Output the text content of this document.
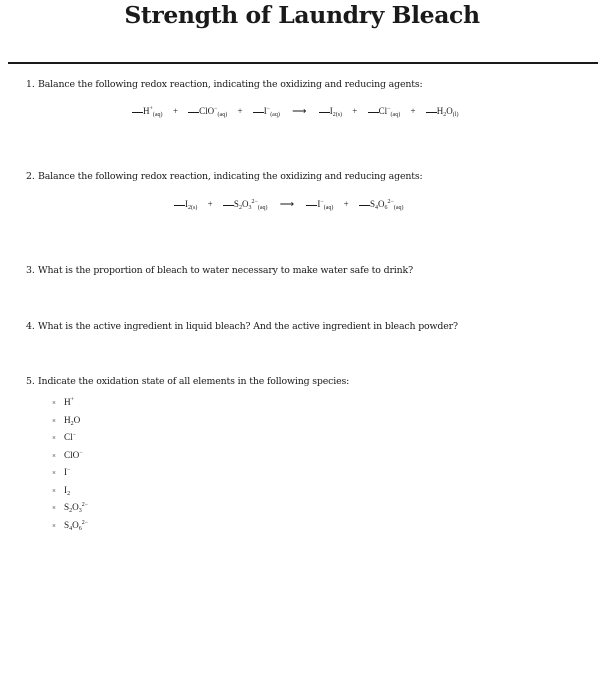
Strength of Laundry Bleach
1. Balance the following redox reaction, indicating the oxidizing and reducing agents:
$H^+_{(aq)} + ClO^-_{(aq)} + I^-_{(aq)}$ ⟶	$I_{2(s)} + Cl^-_{(aq)} + H_2O_{(l)}$
2. Balance the following redox reaction, indicating the oxidizing and reducing agents:
$I_{2(s)} + S_2O_3^{2-}_{(aq)}$ ⟶	$I^-_{(aq)} + S_4O_6^{2-}_{(aq)}$
3. What is the proportion of bleach to water necessary to make water safe to drink?
4. What is the active ingredient in liquid bleach? And the active ingredient in bleach powder?
5. Indicate the oxidation state of all elements in the following species:
× H+
× $H_2O$
× Cl−
× ClO−
× I−
× $I_2$
× $S_2O_3^{2-}$
× $S_4O_6^{2-}$
